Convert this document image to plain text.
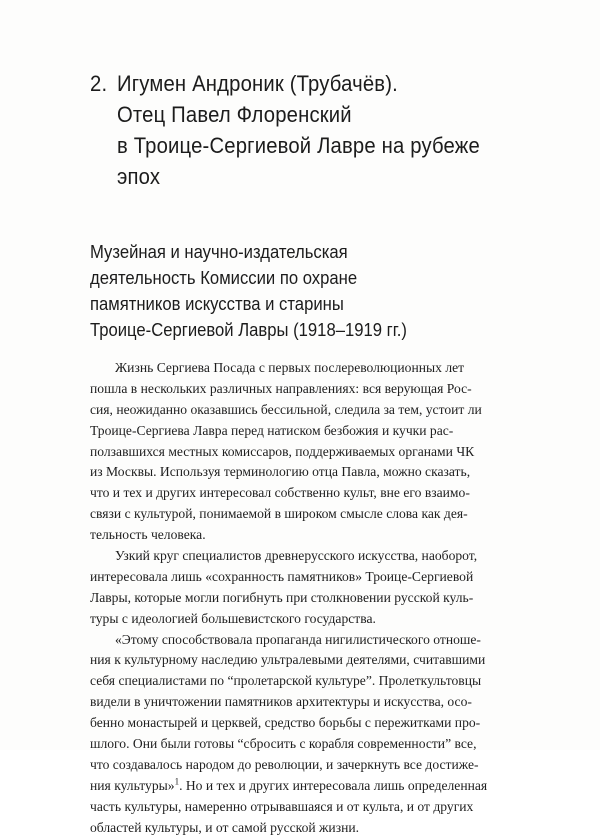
2. Игумен Андроник (Трубачёв).
Отец Павел Флоренский
в Троице-Сергиевой Лавре на рубеже
эпох
Музейная и научно-издательская
деятельность Комиссии по охране
памятников искусства и старины
Троице-Сергиевой Лавры (1918–1919 гг.)
Жизнь Сергиева Посада с первых послереволюционных лет
пошла в нескольких различных направлениях: вся верующая Рос-
сия, неожиданно оказавшись бессильной, следила за тем, устоит ли
Троице-Сергиева Лавра перед натиском безбожия и кучки рас-
ползавшихся местных комиссаров, поддерживаемых органами ЧК
из Москвы. Используя терминологию отца Павла, можно сказать,
что и тех и других интересовал собственно культ, вне его взаимо-
связи с культурой, понимаемой в широком смысле слова как дея-
тельность человека.
Узкий круг специалистов древнерусского искусства, наоборот,
интересовала лишь «сохранность памятников» Троице-Сергиевой
Лавры, которые могли погибнуть при столкновении русской куль-
туры с идеологией большевистского государства.
«Этому способствовала пропаганда нигилистического отноше-
ния к культурному наследию ультралевыми деятелями, считавшими
себя специалистами по “пролетарской культуре”. Пролеткультовцы
видели в уничтожении памятников архитектуры и искусства, осо-
бенно монастырей и церквей, средство борьбы с пережитками про-
шлого. Они были готовы “сбросить с корабля современности” все,
что создавалось народом до революции, и зачеркнуть все достиже-
ния культуры»$^1$. Но и тех и других интересовала лишь определенная
часть культуры, намеренно отрывавшаяся и от культа, и от других
областей культуры, и от самой русской жизни.
